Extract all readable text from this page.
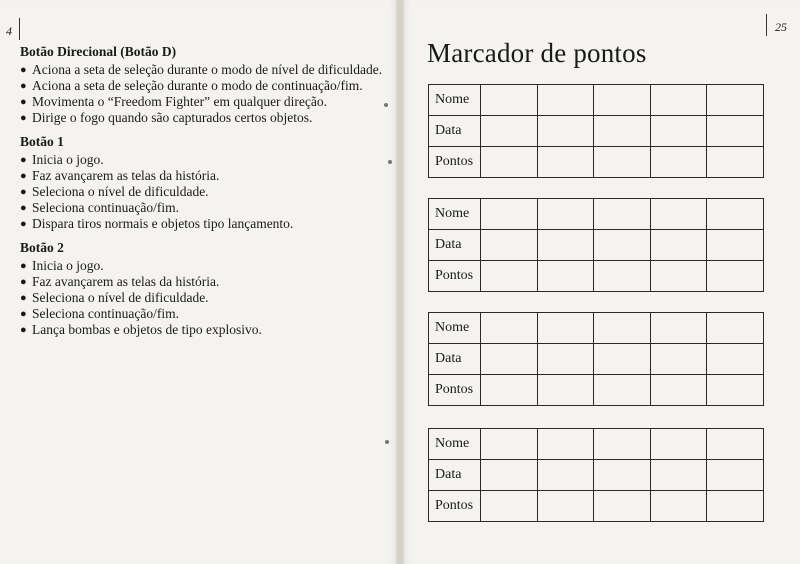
4	25
Botão Direcional (Botão D)
● Aciona a seta de seleção durante o modo de nível de dificuldade.
● Aciona a seta de seleção durante o modo de continuação/fim.
● Movimenta o “Freedom Fighter” em qualquer direção.
● Dirige o fogo quando são capturados certos objetos.
Botão 1
● Inicia o jogo.
● Faz avançarem as telas da história.
● Seleciona o nível de dificuldade.
● Seleciona continuação/fim.
● Dispara tiros normais e objetos tipo lançamento.
Botão 2
● Inicia o jogo.
● Faz avançarem as telas da história.
● Seleciona o nível de dificuldade.
● Seleciona continuação/fim.
● Lança bombas e objetos de tipo explosivo.
Marcador de pontos
Nome					
Data					
Pontos					
Nome					
Data					
Pontos					
Nome					
Data					
Pontos					
Nome					
Data					
Pontos					
